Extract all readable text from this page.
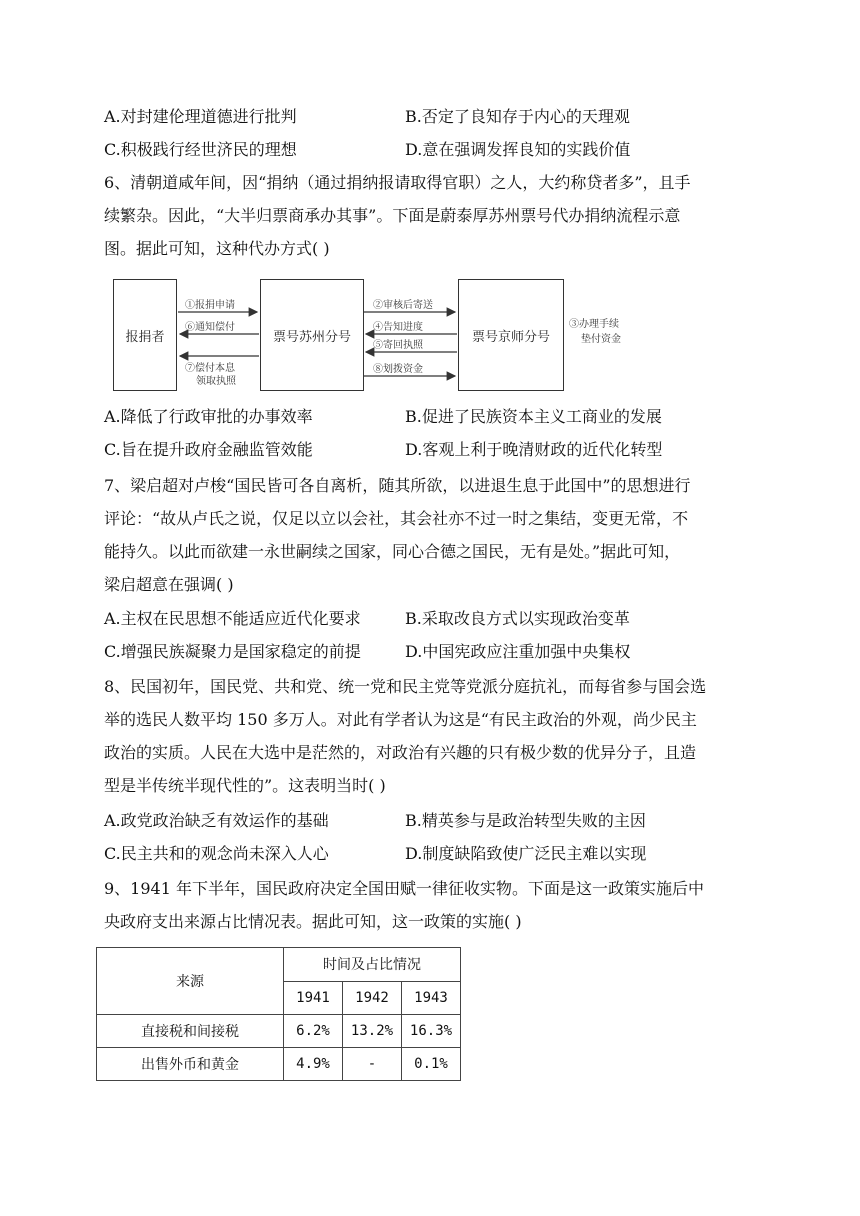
A.对封建伦理道德进行批判	B.否定了良知存于内心的天理观
C.积极践行经世济民的理想	D.意在强调发挥良知的实践价值
6、清朝道咸年间，因“捐纳（通过捐纳报请取得官职）之人，大约称贷者多”，且手
续繁杂。因此，“大半归票商承办其事”。下面是蔚泰厚苏州票号代办捐纳流程示意
图。据此可知，这种代办方式( )
报捐者	票号苏州分号	票号京师分号
①报捐申请
⑥通知偿付
⑦偿付本息
领取执照
②审核后寄送
④告知进度
⑤寄回执照
⑧划拨资金
③办理手续
垫付资金
A.降低了行政审批的办事效率	B.促进了民族资本主义工商业的发展
C.旨在提升政府金融监管效能	D.客观上利于晚清财政的近代化转型
7、梁启超对卢梭“国民皆可各自离析，随其所欲，以进退生息于此国中”的思想进行
评论：“故从卢氏之说，仅足以立以会社，其会社亦不过一时之集结，变更无常，不
能持久。以此而欲建一永世嗣续之国家，同心合德之国民，无有是处。”据此可知，
梁启超意在强调( )
A.主权在民思想不能适应近代化要求	B.采取改良方式以实现政治变革
C.增强民族凝聚力是国家稳定的前提	D.中国宪政应注重加强中央集权
8、民国初年，国民党、共和党、统一党和民主党等党派分庭抗礼，而每省参与国会选
举的选民人数平均 150 多万人。对此有学者认为这是“有民主政治的外观，尚少民主
政治的实质。人民在大选中是茫然的，对政治有兴趣的只有极少数的优异分子，且造
型是半传统半现代性的”。这表明当时( )
A.政党政治缺乏有效运作的基础	B.精英参与是政治转型失败的主因
C.民主共和的观念尚未深入人心	D.制度缺陷致使广泛民主难以实现
9、1941 年下半年，国民政府决定全国田赋一律征收实物。下面是这一政策实施后中
央政府支出来源占比情况表。据此可知，这一政策的实施( )
来源	时间及占比情况		
	1941	1942	1943
直接税和间接税	6.2%	13.2%	16.3%
出售外币和黄金	4.9%	-	0.1%
